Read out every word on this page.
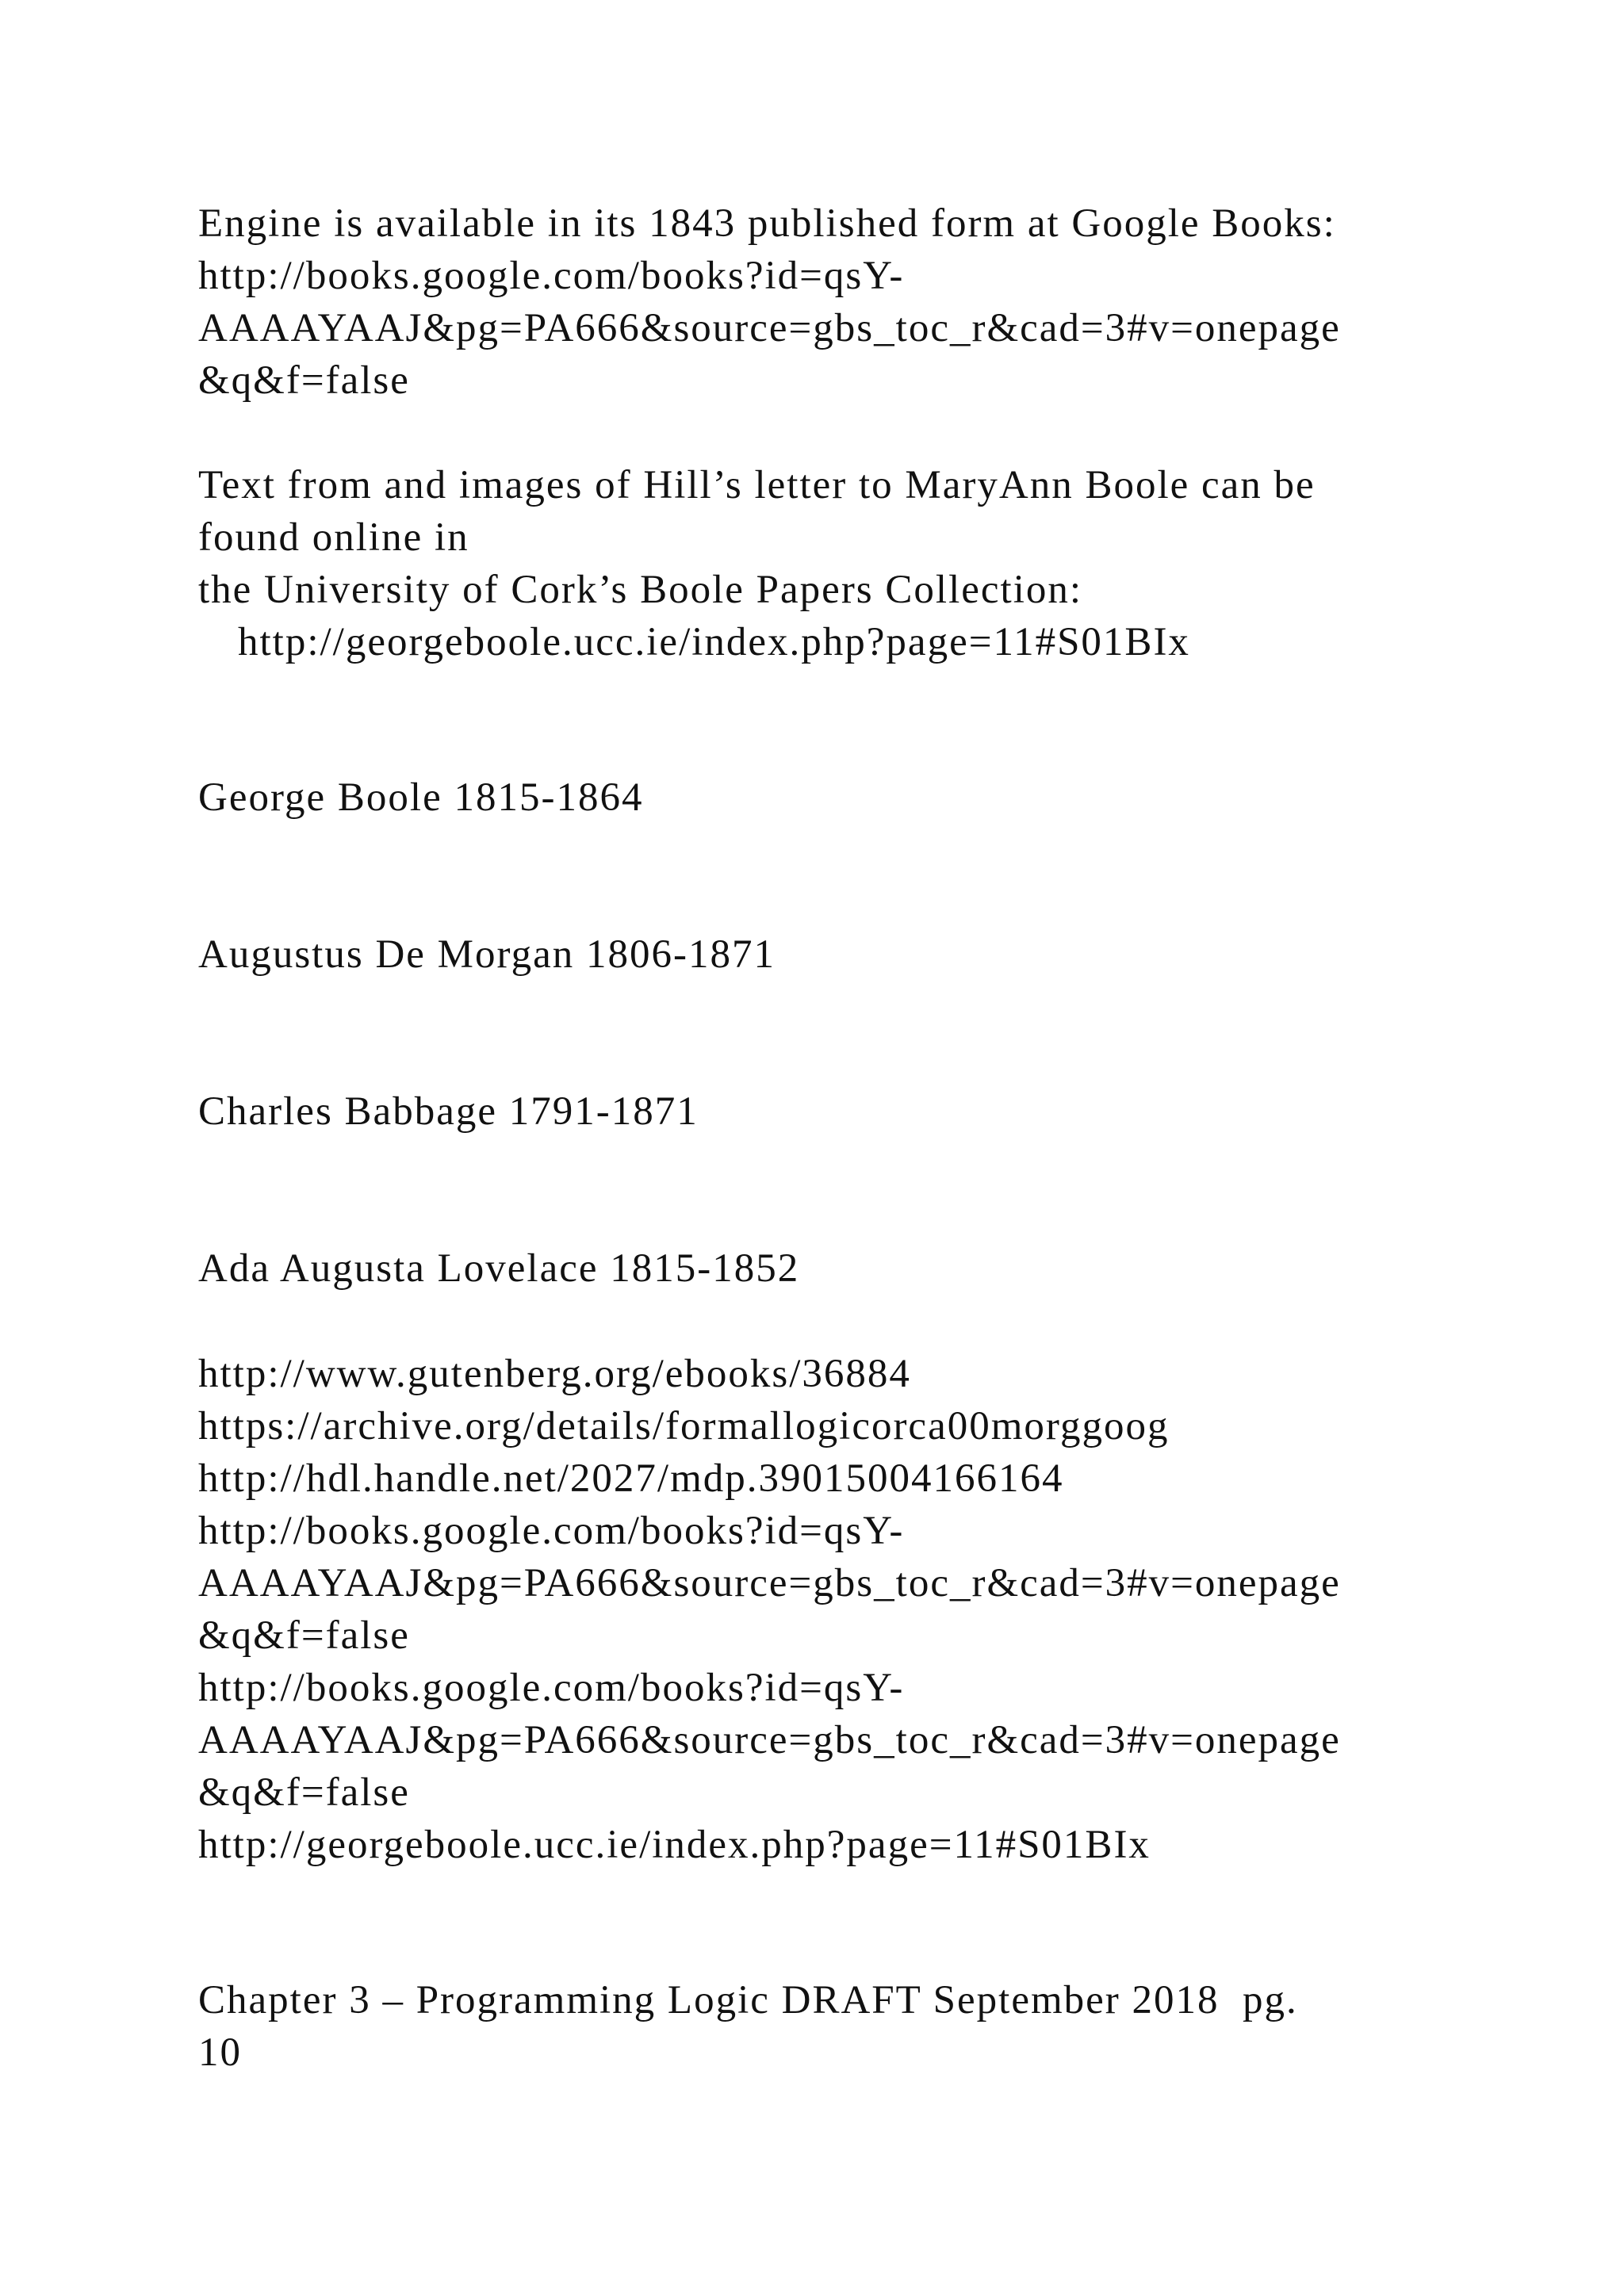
Engine is available in its 1843 published form at Google Books:

http://books.google.com/books?id=qsY-

AAAAYAAJ&pg=PA666&source=gbs_toc_r&cad=3#v=onepage

&q&f=false

Text from and images of Hill’s letter to MaryAnn Boole can be

found online in

the University of Cork’s Boole Papers Collection:

http://georgeboole.ucc.ie/index.php?page=11#S01BIx

George Boole 1815-1864

Augustus De Morgan 1806-1871

Charles Babbage 1791-1871

Ada Augusta Lovelace 1815-1852

http://www.gutenberg.org/ebooks/36884

https://archive.org/details/formallogicorca00morggoog

http://hdl.handle.net/2027/mdp.39015004166164

http://books.google.com/books?id=qsY-

AAAAYAAJ&pg=PA666&source=gbs_toc_r&cad=3#v=onepage

&q&f=false

http://books.google.com/books?id=qsY-

AAAAYAAJ&pg=PA666&source=gbs_toc_r&cad=3#v=onepage

&q&f=false

http://georgeboole.ucc.ie/index.php?page=11#S01BIx

Chapter 3 – Programming Logic DRAFT September 2018  pg.

10
